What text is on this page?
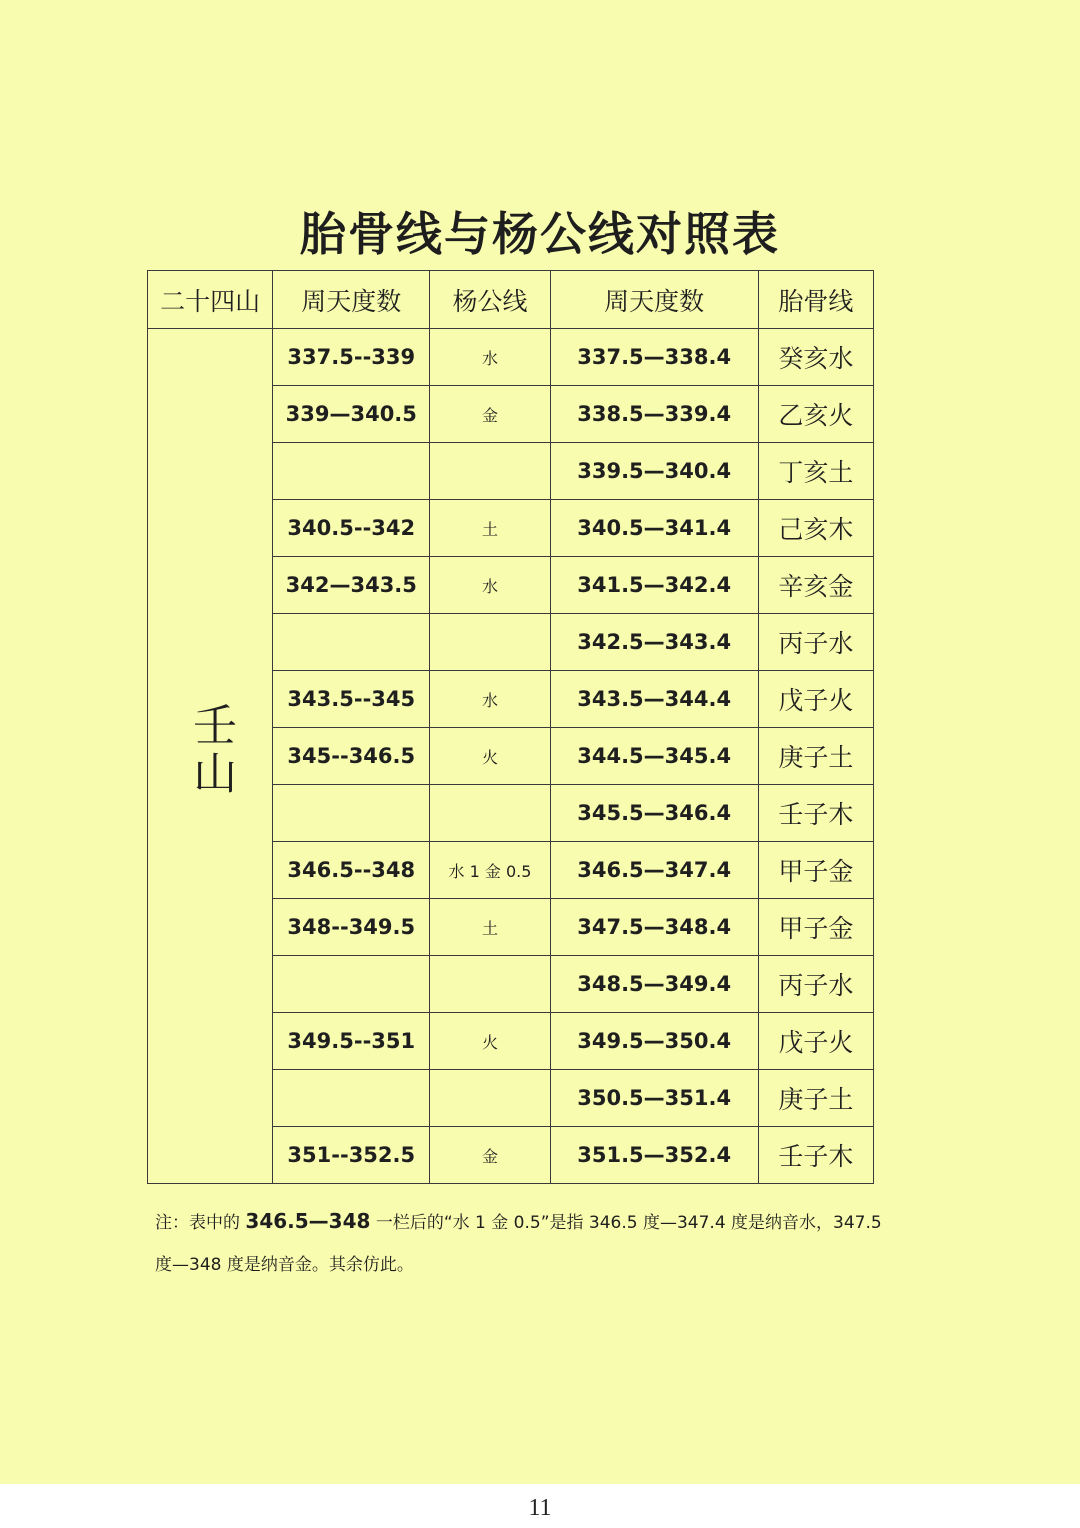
胎骨线与杨公线对照表
二十四山	周天度数	杨公线	周天度数	胎骨线
壬山	337.5--339	水	337.5—338.4	癸亥水
	339—340.5	金	338.5—339.4	乙亥火
			339.5—340.4	丁亥土
	340.5--342	土	340.5—341.4	己亥木
	342—343.5	水	341.5—342.4	辛亥金
			342.5—343.4	丙子水
	343.5--345	水	343.5—344.4	戊子火
	345--346.5	火	344.5—345.4	庚子土
			345.5—346.4	壬子木
	346.5--348	水 1 金 0.5	346.5—347.4	甲子金
	348--349.5	土	347.5—348.4	甲子金
			348.5—349.4	丙子水
	349.5--351	火	349.5—350.4	戊子火
			350.5—351.4	庚子土
	351--352.5	金	351.5—352.4	壬子木
注：表中的 346.5—348 一栏后的“水 1 金 0.5”是指 346.5 度—347.4 度是纳音水，347.5
度—348 度是纳音金。其余仿此。
11
